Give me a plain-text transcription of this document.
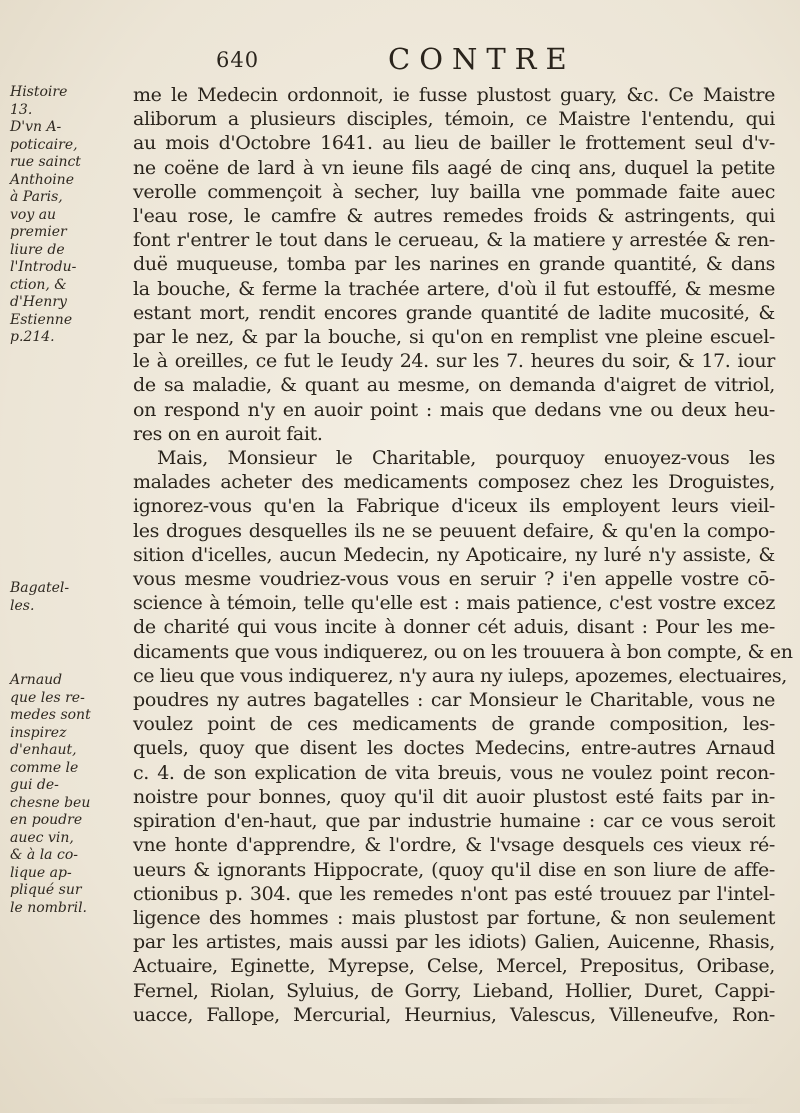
640	CONTRE
Histoire
13.
D'vn A-
poticaire,
rue sainct
Anthoine
à Paris,
voy au
premier
liure de
l'Introdu-
ction, &
d'Henry
Estienne
p.214.
Bagatel-
les.
Arnaud
que les re-
medes sont
inspirez
d'enhaut,
comme le
gui de-
chesne beu
en poudre
auec vin,
& à la co-
lique ap-
pliqué sur
le nombril.
me le Medecin ordonnoit, ie fusse plustost guary, &c. Ce Maistre
aliborum a plusieurs disciples, témoin, ce Maistre l'entendu, qui
au mois d'Octobre 1641. au lieu de bailler le frottement seul d'v-
ne coëne de lard à vn ieune fils aagé de cinq ans, duquel la petite
verolle commençoit à secher, luy bailla vne pommade faite auec
l'eau rose, le camfre & autres remedes froids & astringents, qui
font r'entrer le tout dans le cerueau, & la matiere y arrestée & ren-
duë muqueuse, tomba par les narines en grande quantité, & dans
la bouche, & ferme la trachée artere, d'où il fut estouffé, & mesme
estant mort, rendit encores grande quantité de ladite mucosité, &
par le nez, & par la bouche, si qu'on en remplist vne pleine escuel-
le à oreilles, ce fut le Ieudy 24. sur les 7. heures du soir, & 17. iour
de sa maladie, & quant au mesme, on demanda d'aigret de vitriol,
on respond n'y en auoir point : mais que dedans vne ou deux heu-
res on en auroit fait.
Mais, Monsieur le Charitable, pourquoy enuoyez-vous les
malades acheter des medicaments composez chez les Droguistes,
ignorez-vous qu'en la Fabrique d'iceux ils employent leurs vieil-
les drogues desquelles ils ne se peuuent defaire, & qu'en la compo-
sition d'icelles, aucun Medecin, ny Apoticaire, ny luré n'y assiste, &
vous mesme voudriez-vous vous en seruir ? i'en appelle vostre cō-
science à témoin, telle qu'elle est : mais patience, c'est vostre excez
de charité qui vous incite à donner cét aduis, disant : Pour les me-
dicaments que vous indiquerez, ou on les trouuera à bon compte, & en
ce lieu que vous indiquerez, n'y aura ny iuleps, apozemes, electuaires,
poudres ny autres bagatelles : car Monsieur le Charitable, vous ne
voulez point de ces medicaments de grande composition, les-
quels, quoy que disent les doctes Medecins, entre-autres Arnaud
c. 4. de son explication de vita breuis, vous ne voulez point recon-
noistre pour bonnes, quoy qu'il dit auoir plustost esté faits par in-
spiration d'en-haut, que par industrie humaine : car ce vous seroit
vne honte d'apprendre, & l'ordre, & l'vsage desquels ces vieux ré-
ueurs & ignorants Hippocrate, (quoy qu'il dise en son liure de affe-
ctionibus p. 304. que les remedes n'ont pas esté trouuez par l'intel-
ligence des hommes : mais plustost par fortune, & non seulement
par les artistes, mais aussi par les idiots) Galien, Auicenne, Rhasis,
Actuaire, Eginette, Myrepse, Celse, Mercel, Prepositus, Oribase,
Fernel, Riolan, Syluius, de Gorry, Lieband, Hollier, Duret, Cappi-
uacce, Fallope, Mercurial, Heurnius, Valescus, Villeneufve, Ron-
